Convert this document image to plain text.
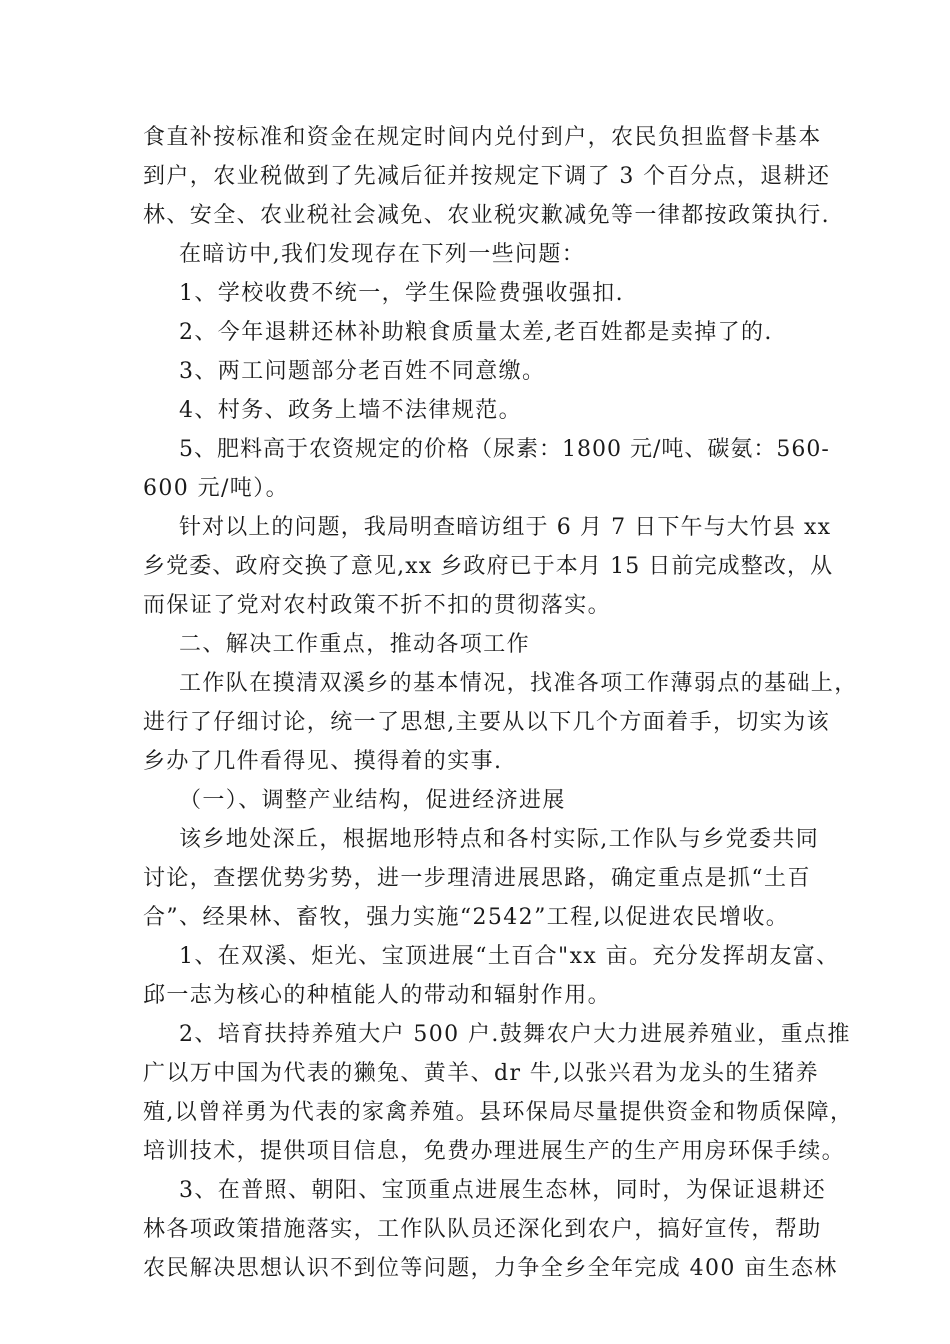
食直补按标准和资金在规定时间内兑付到户，农民负担监督卡基本
到户，农业税做到了先减后征并按规定下调了 3 个百分点，退耕还
林、安全、农业税社会减免、农业税灾歉减免等一律都按政策执行.
在暗访中,我们发现存在下列一些问题：
1、学校收费不统一，学生保险费强收强扣.
2、今年退耕还林补助粮食质量太差,老百姓都是卖掉了的.
3、两工问题部分老百姓不同意缴。
4、村务、政务上墙不法律规范。
5、肥料高于农资规定的价格（尿素：1800 元/吨、碳氨：560-
600 元/吨）。
针对以上的问题，我局明查暗访组于 6 月 7 日下午与大竹县 xx
乡党委、政府交换了意见,xx 乡政府已于本月 15 日前完成整改，从
而保证了党对农村政策不折不扣的贯彻落实。
二、解决工作重点，推动各项工作
工作队在摸清双溪乡的基本情况，找准各项工作薄弱点的基础上，
进行了仔细讨论，统一了思想,主要从以下几个方面着手，切实为该
乡办了几件看得见、摸得着的实事.
（一）、调整产业结构，促进经济进展
该乡地处深丘，根据地形特点和各村实际,工作队与乡党委共同
讨论，查摆优势劣势，进一步理清进展思路，确定重点是抓“土百
合”、经果林、畜牧，强力实施“2542”工程,以促进农民增收。
1、在双溪、炬光、宝顶进展“土百合"xx 亩。充分发挥胡友富、
邱一志为核心的种植能人的带动和辐射作用。
2、培育扶持养殖大户 500 户.鼓舞农户大力进展养殖业，重点推
广以万中国为代表的獭兔、黄羊、dr 牛,以张兴君为龙头的生猪养
殖,以曾祥勇为代表的家禽养殖。县环保局尽量提供资金和物质保障，
培训技术，提供项目信息，免费办理进展生产的生产用房环保手续。
3、在普照、朝阳、宝顶重点进展生态林，同时，为保证退耕还
林各项政策措施落实，工作队队员还深化到农户，搞好宣传，帮助
农民解决思想认识不到位等问题，力争全乡全年完成 400 亩生态林
